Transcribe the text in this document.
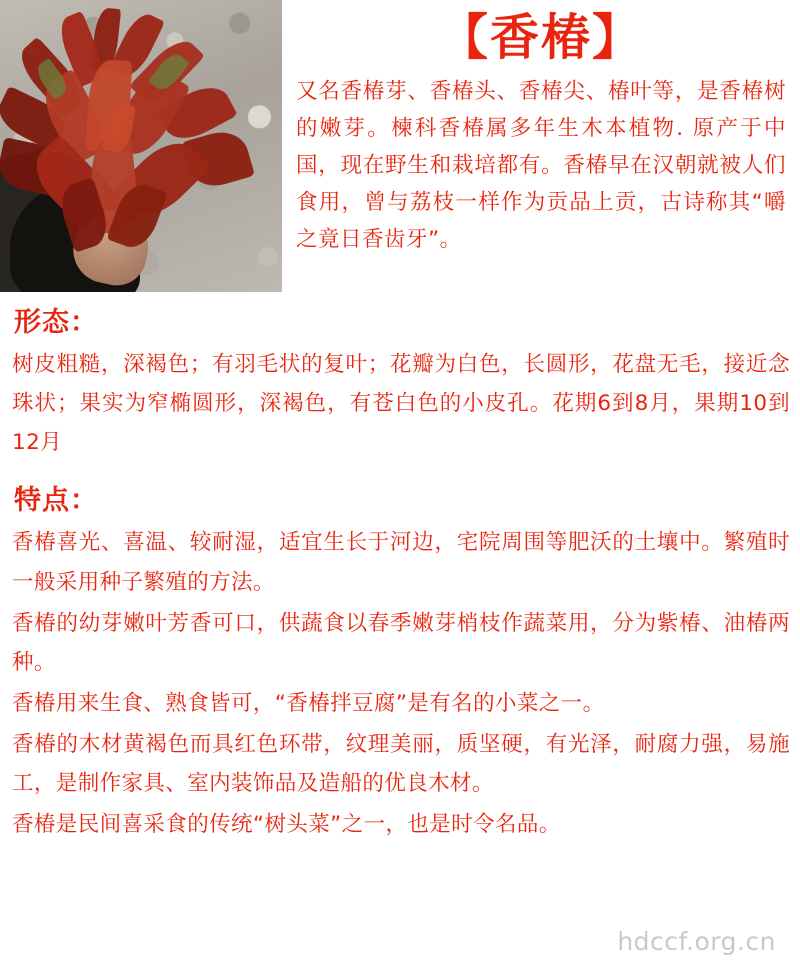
【香椿】
又名香椿芽、香椿头、香椿尖、椿叶等，是香椿树的嫩芽。楝科香椿属多年生木本植物. 原产于中国，现在野生和栽培都有。香椿早在汉朝就被人们食用，曾与荔枝一样作为贡品上贡，古诗称其“嚼之竟日香齿牙”。
形态：

树皮粗糙，深褐色；有羽毛状的复叶；花瓣为白色，长圆形，花盘无毛，接近念珠状；果实为窄椭圆形，深褐色，有苍白色的小皮孔。花期6到8月，果期10到12月

特点：

香椿喜光、喜温、较耐湿，适宜生长于河边，宅院周围等肥沃的土壤中。繁殖时一般采用种子繁殖的方法。

香椿的幼芽嫩叶芳香可口，供蔬食以春季嫩芽梢枝作蔬菜用，分为紫椿、油椿两种。

香椿用来生食、熟食皆可，“香椿拌豆腐”是有名的小菜之一。

香椿的木材黄褐色而具红色环带，纹理美丽，质坚硬，有光泽，耐腐力强，易施工，是制作家具、室内装饰品及造船的优良木材。

香椿是民间喜采食的传统“树头菜”之一，也是时令名品。

hdccf.org.cn
